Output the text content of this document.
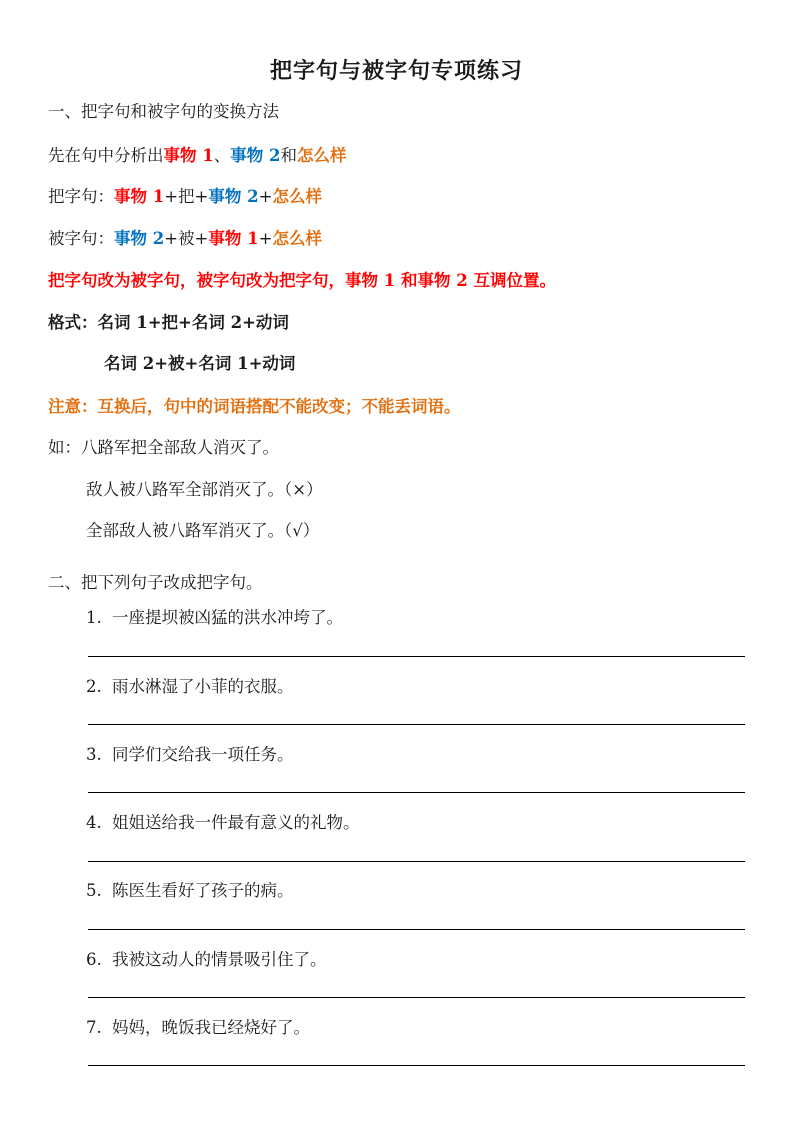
把字句与被字句专项练习
一、把字句和被字句的变换方法
先在句中分析出事物 1、事物 2和怎么样
把字句：事物 1+把+事物 2+怎么样
被字句：事物 2+被+事物 1+怎么样
把字句改为被字句，被字句改为把字句，事物 1 和事物 2 互调位置。
格式：名词 1+把+名词 2+动词
名词 2+被+名词 1+动词
注意：互换后，句中的词语搭配不能改变；不能丢词语。
如：八路军把全部敌人消灭了。
敌人被八路军全部消灭了。（×）
全部敌人被八路军消灭了。（√）
二、把下列句子改成把字句。
1. 一座提坝被凶猛的洪水冲垮了。
2. 雨水淋湿了小菲的衣服。
3. 同学们交给我一项任务。
4. 姐姐送给我一件最有意义的礼物。
5. 陈医生看好了孩子的病。
6. 我被这动人的情景吸引住了。
7. 妈妈，晚饭我已经烧好了。
